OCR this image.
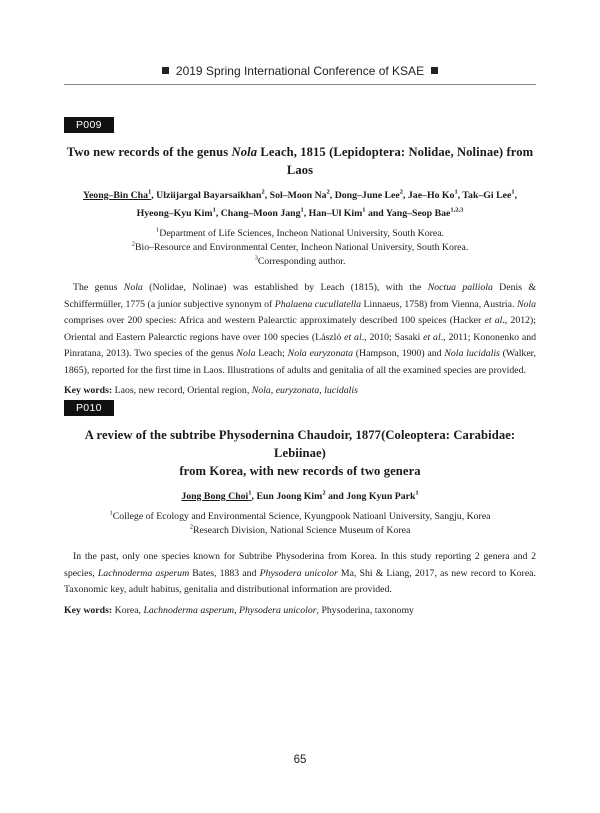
2019 Spring International Conference of KSAE
P009
Two new records of the genus Nola Leach, 1815 (Lepidoptera: Nolidae, Nolinae) from Laos
Yeong–Bin Cha$^1$, Ulziijargal Bayarsaikhan$^2$, Sol–Moon Na$^2$, Dong–June Lee$^2$, Jae–Ho Ko$^1$, Tak–Gi Lee$^1$,
Hyeong–Kyu Kim$^1$, Chang–Moon Jang$^1$, Han–Ul Kim$^1$ and Yang–Seop Bae$^{1,2,3}$
$^1$Department of Life Sciences, Incheon National University, South Korea.
$^2$Bio–Resource and Environmental Center, Incheon National University, South Korea.
$^3$Corresponding author.
The genus Nola (Nolidae, Nolinae) was established by Leach (1815), with the Noctua palliola Denis & Schiffermüller, 1775 (a junior subjective synonym of Phalaena cucullatella Linnaeus, 1758) from Vienna, Austria. Nola comprises over 200 species: Africa and western Palearctic approximately described 100 speices (Hacker et al., 2012); Oriental and Eastern Palearctic regions have over 100 species (László et al., 2010; Sasaki et al., 2011; Kononenko and Pinratana, 2013). Two species of the genus Nola Leach; Nola euryzonata (Hampson, 1900) and Nola lucidalis (Walker, 1865), reported for the first time in Laos. Illustrations of adults and genitalia of all the examined species are provided.
Key words: Laos, new record, Oriental region, Nola, euryzonata, lucidalis
P010
A review of the subtribe Physodernina Chaudoir, 1877(Coleoptera: Carabidae: Lebiinae)
from Korea, with new records of two genera
Jong Bong Choi$^1$, Eun Joong Kim$^2$ and Jong Kyun Park$^1$
$^1$College of Ecology and Environmental Science, Kyungpook Natioanl University, Sangju, Korea
$^2$Research Division, National Science Museum of Korea
In the past, only one species known for Subtribe Physoderina from Korea. In this study reporting 2 genera and 2 species, Lachnoderma asperum Bates, 1883 and Physodera unicolor Ma, Shi & Liang, 2017, as new record to Korea. Taxonomic key, adult habitus, genitalia and distributional information are provided.
Key words: Korea, Lachnoderma asperum, Physodera unicolor, Physoderina, taxonomy
65
